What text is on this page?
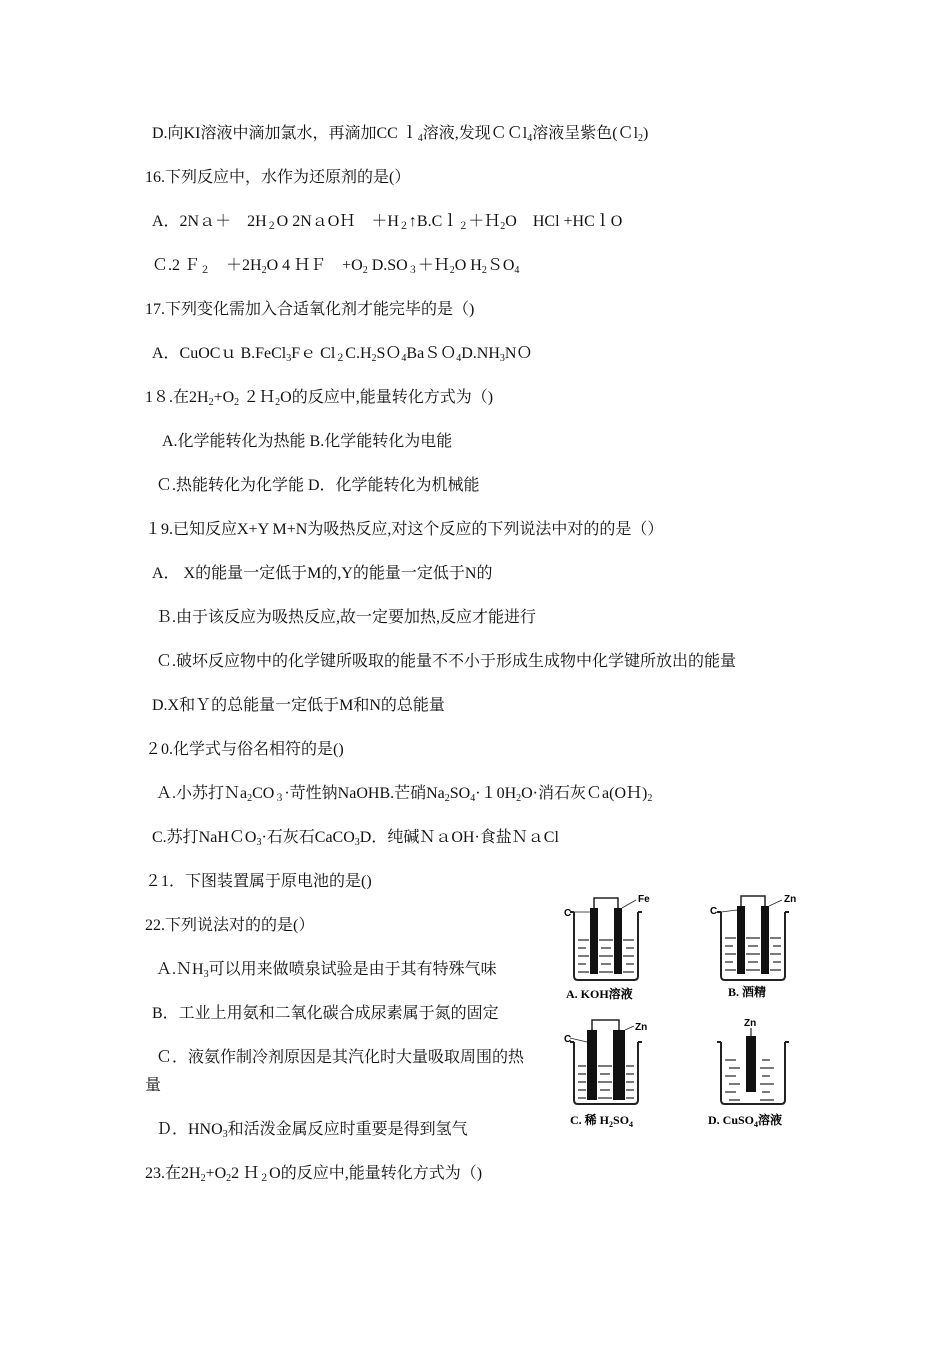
D.向KI溶液中滴加氯水，再滴加CC ｌ$_4$溶液,发现ＣＣl$_4$溶液呈紫色(Ｃl$_2$)
16.下列反应中，水作为还原剂的是(）
A．2Nａ＋　$2H_2O$ 2NａOＨ　$+H_2↑B.Cl_2+H_2O$　HCl +HCｌO
Ｃ.2 Ｆ$_2$　$+2H_2O$ 4 ＨＦ　$+O_2$ $D.SO_3+H_2O$ $H_2SO_4$
17.下列变化需加入合适氧化剂才能完毕的是（)
A．CuOCｕ B.FeCl$_3$Fｅ $Cl_2C.H_2SO_4BaSO_4D.NH_3NO$
1８.在$2H_2+O_2$ ２Ｈ$_2$O的反应中,能量转化方式为（)
A.化学能转化为热能 B.化学能转化为电能
Ｃ.热能转化为化学能 D．化学能转化为机械能
１9.已知反应X+Y M+N为吸热反应,对这个反应的下列说法中对的的是（）
A． X的能量一定低于M的,Y的能量一定低于N的
Ｂ.由于该反应为吸热反应,故一定要加热,反应才能进行
Ｃ.破坏反应物中的化学键所吸取的能量不不小于形成生成物中化学键所放出的能量
D.X和Ｙ的总能量一定低于M和N的总能量
２0.化学式与俗名相符的是()
Ａ.小苏打$Na_2CO_3\cdot$苛性钠NaOHB.芒硝$Na_2SO_4\cdot 10H_2O\cdot$消石灰$Ca(OH)_2$
C.苏打NaHＣO$_3$·石灰石CaCO$_3$D．纯碱ＮａOH·食盐ＮａCl
２1．下图装置属于原电池的是()
22.下列说法对的的是(）
Ａ.ＮH$_3$可以用来做喷泉试验是由于其有特殊气味
B．工业上用氨和二氧化碳合成尿素属于氮的固定
Ｃ．液氨作制冷剂原因是其汽化时大量吸取周围的热
量
Ｄ．$HNO_3$和活泼金属反应时重要是得到氢气
23.在$2H_2+O_22$ Ｈ$_2$O的反应中,能量转化方式为（)
C
Fe
A. KOH溶液
C
Zn
B. 酒精
C
Zn
C. 稀 $H_2SO_4$
Zn
D. CuSO$_4$溶液
